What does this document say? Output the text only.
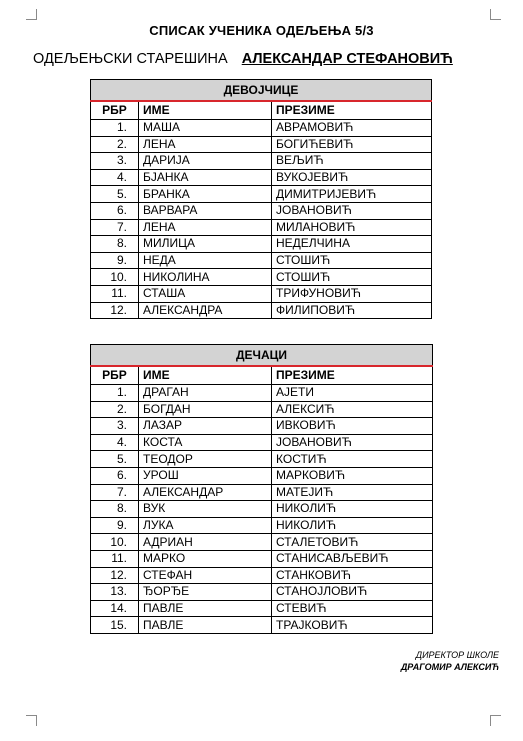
СПИСАК УЧЕНИКА ОДЕЉЕЊА 5/3
ОДЕЉЕЊСКИ СТАРЕШИНА АЛЕКСАНДАР СТЕФАНОВИЋ
ДЕВОЈЧИЦЕ		
РБР	ИМЕ	ПРЕЗИМЕ
1.	МАША	АВРАМОВИЋ
2.	ЛЕНА	БОГИЋЕВИЋ
3.	ДАРИЈА	ВЕЉИЋ
4.	БЈАНКА	ВУКОЈЕВИЋ
5.	БРАНКА	ДИМИТРИЈЕВИЋ
6.	ВАРВАРА	ЈОВАНОВИЋ
7.	ЛЕНА	МИЛАНОВИЋ
8.	МИЛИЦА	НЕДЕЛЧИНА
9.	НЕДА	СТОШИЋ
10.	НИКОЛИНА	СТОШИЋ
11.	СТАША	ТРИФУНОВИЋ
12.	АЛЕКСАНДРА	ФИЛИПОВИЋ
ДЕЧАЦИ		
РБР	ИМЕ	ПРЕЗИМЕ
1.	ДРАГАН	АЈЕТИ
2.	БОГДАН	АЛЕКСИЋ
3.	ЛАЗАР	ИВКОВИЋ
4.	КОСТА	ЈОВАНОВИЋ
5.	ТЕОДОР	КОСТИЋ
6.	УРОШ	МАРКОВИЋ
7.	АЛЕКСАНДАР	МАТЕЈИЋ
8.	ВУК	НИКОЛИЋ
9.	ЛУКА	НИКОЛИЋ
10.	АДРИАН	СТАЛЕТОВИЋ
11.	МАРКО	СТАНИСАВЉЕВИЋ
12.	СТЕФАН	СТАНКОВИЋ
13.	ЂОРЂЕ	СТАНОЈЛОВИЋ
14.	ПАВЛЕ	СТЕВИЋ
15.	ПАВЛЕ	ТРАЈКОВИЋ
ДИРЕКТОР ШКОЛЕ
ДРАГОМИР АЛЕКСИЋ
